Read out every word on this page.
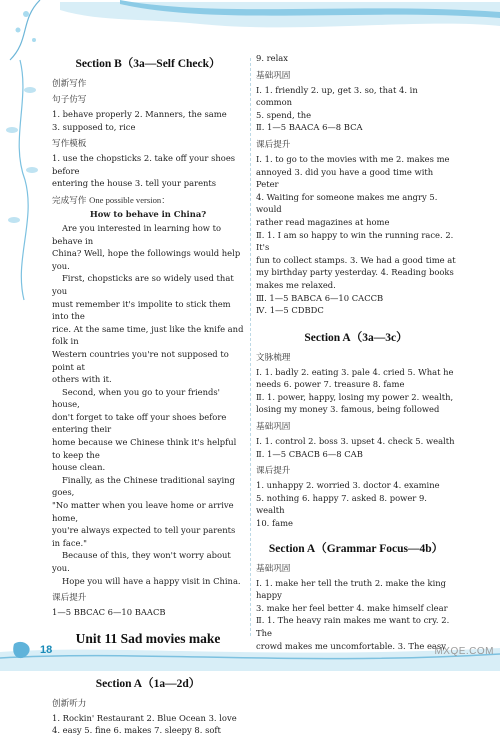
Section B（3a—Self Check）
创新写作
句子仿写
1. behave properly 2. Manners, the same
3. supposed to, rice
写作模板
1. use the chopsticks 2. take off your shoes before
entering the house 3. tell your parents
完成写作 One possible version：
How to behave in China?
Are you interested in learning how to behave in
China? Well, hope the followings would help you.
First, chopsticks are so widely used that you
must remember it's impolite to stick them into the
rice. At the same time, just like the knife and folk in
Western countries you're not supposed to point at
others with it.
Second, when you go to your friends' house,
don't forget to take off your shoes before entering their
home because we Chinese think it's helpful to keep the
house clean.
Finally, as the Chinese traditional saying goes,
"No matter when you leave home or arrive home,
you're always expected to tell your parents in face."
Because of this, they won't worry about you.
Hope you will have a happy visit in China.
课后提升
1—5 BBCAC 6—10 BAACB
Unit 11 Sad movies make
Section A（1a—2d）
创新听力
1. Rockin' Restaurant 2. Blue Ocean 3. love
4. easy 5. fine 6. makes 7. sleepy 8. soft
9. relax
基础巩固
Ⅰ. 1. friendly 2. up, get 3. so, that 4. in common
5. spend, the
Ⅱ. 1—5 BAACA 6—8 BCA
课后提升
Ⅰ. 1. to go to the movies with me 2. makes me
annoyed 3. did you have a good time with Peter
4. Waiting for someone makes me angry 5. would
rather read magazines at home
Ⅱ. 1. I am so happy to win the running race. 2. It's
fun to collect stamps. 3. We had a good time at
my birthday party yesterday. 4. Reading books
makes me relaxed.
Ⅲ. 1—5 BABCA 6—10 CACCB
Ⅳ. 1—5 CDBDC
Section A（3a—3c）
文脉梳理
Ⅰ. 1. badly 2. eating 3. pale 4. cried 5. What he
needs 6. power 7. treasure 8. fame
Ⅱ. 1. power, happy, losing my power 2. wealth,
losing my money 3. famous, being followed
基础巩固
Ⅰ. 1. control 2. boss 3. upset 4. check 5. wealth
Ⅱ. 1—5 CBACB 6—8 CAB
课后提升
1. unhappy 2. worried 3. doctor 4. examine
5. nothing 6. happy 7. asked 8. power 9. wealth
10. fame
Section A（Grammar Focus—4b）
基础巩固
Ⅰ. 1. make her tell the truth 2. make the king happy
3. make her feel better 4. make himself clear
Ⅱ. 1. The heavy rain makes me want to cry. 2. The
crowd makes me uncomfortable. 3. The easy
18	MXQE.COM
